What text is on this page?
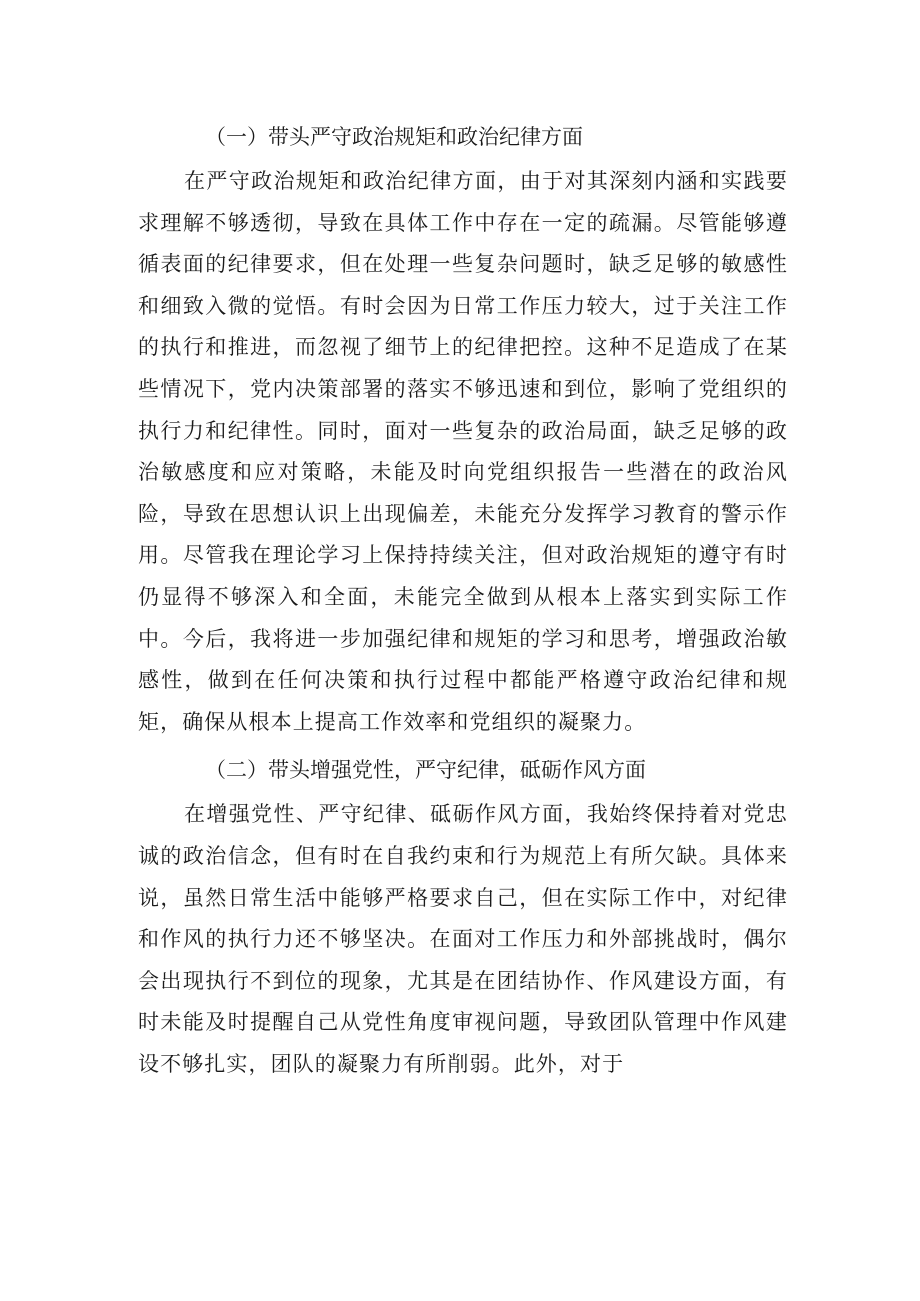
（一）带头严守政治规矩和政治纪律方面

在严守政治规矩和政治纪律方面，由于对其深刻内涵和实践要求理解不够透彻，导致在具体工作中存在一定的疏漏。尽管能够遵循表面的纪律要求，但在处理一些复杂问题时，缺乏足够的敏感性和细致入微的觉悟。有时会因为日常工作压力较大，过于关注工作的执行和推进，而忽视了细节上的纪律把控。这种不足造成了在某些情况下，党内决策部署的落实不够迅速和到位，影响了党组织的执行力和纪律性。同时，面对一些复杂的政治局面，缺乏足够的政治敏感度和应对策略，未能及时向党组织报告一些潜在的政治风险，导致在思想认识上出现偏差，未能充分发挥学习教育的警示作用。尽管我在理论学习上保持持续关注，但对政治规矩的遵守有时仍显得不够深入和全面，未能完全做到从根本上落实到实际工作中。今后，我将进一步加强纪律和规矩的学习和思考，增强政治敏感性，做到在任何决策和执行过程中都能严格遵守政治纪律和规矩，确保从根本上提高工作效率和党组织的凝聚力。

（二）带头增强党性，严守纪律，砥砺作风方面

在增强党性、严守纪律、砥砺作风方面，我始终保持着对党忠诚的政治信念，但有时在自我约束和行为规范上有所欠缺。具体来说，虽然日常生活中能够严格要求自己，但在实际工作中，对纪律和作风的执行力还不够坚决。在面对工作压力和外部挑战时，偶尔会出现执行不到位的现象，尤其是在团结协作、作风建设方面，有时未能及时提醒自己从党性角度审视问题，导致团队管理中作风建设不够扎实，团队的凝聚力有所削弱。此外，对于
